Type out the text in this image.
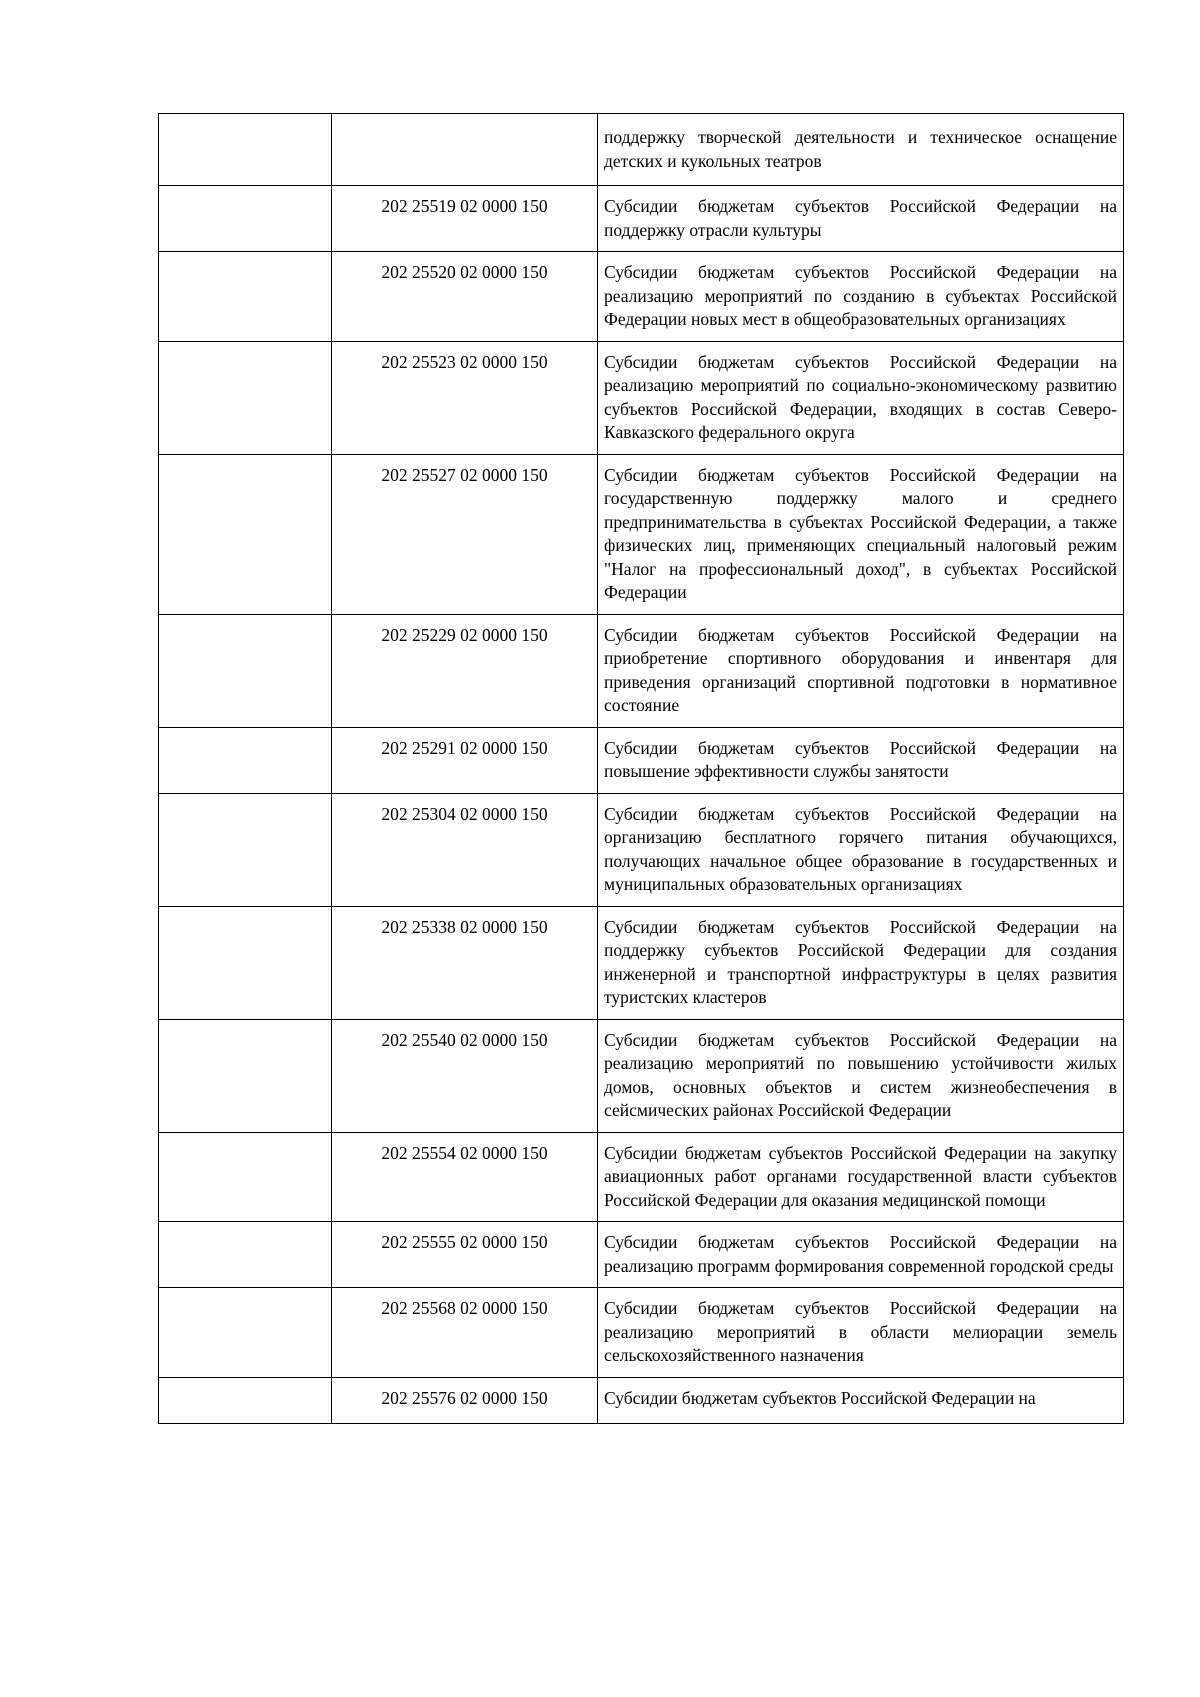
		поддержку творческой деятельности и техническое оснащение детских и кукольных театров
	202 25519 02 0000 150	Субсидии бюджетам субъектов Российской Федерации на поддержку отрасли культуры
	202 25520 02 0000 150	Субсидии бюджетам субъектов Российской Федерации на реализацию мероприятий по созданию в субъектах Российской Федерации новых мест в общеобразовательных организациях
	202 25523 02 0000 150	Субсидии бюджетам субъектов Российской Федерации на реализацию мероприятий по социально-экономическому развитию субъектов Российской Федерации, входящих в состав Северо-Кавказского федерального округа
	202 25527 02 0000 150	Субсидии бюджетам субъектов Российской Федерации на государственную поддержку малого и среднего предпринимательства в субъектах Российской Федерации, а также физических лиц, применяющих специальный налоговый режим "Налог на профессиональный доход", в субъектах Российской Федерации
	202 25229 02 0000 150	Субсидии бюджетам субъектов Российской Федерации на приобретение спортивного оборудования и инвентаря для приведения организаций спортивной подготовки в нормативное состояние
	202 25291 02 0000 150	Субсидии бюджетам субъектов Российской Федерации на повышение эффективности службы занятости
	202 25304 02 0000 150	Субсидии бюджетам субъектов Российской Федерации на организацию бесплатного горячего питания обучающихся, получающих начальное общее образование в государственных и муниципальных образовательных организациях
	202 25338 02 0000 150	Субсидии бюджетам субъектов Российской Федерации на поддержку субъектов Российской Федерации для создания инженерной и транспортной инфраструктуры в целях развития туристских кластеров
	202 25540 02 0000 150	Субсидии бюджетам субъектов Российской Федерации на реализацию мероприятий по повышению устойчивости жилых домов, основных объектов и систем жизнеобеспечения в сейсмических районах Российской Федерации
	202 25554 02 0000 150	Субсидии бюджетам субъектов Российской Федерации на закупку авиационных работ органами государственной власти субъектов Российской Федерации для оказания медицинской помощи
	202 25555 02 0000 150	Субсидии бюджетам субъектов Российской Федерации на реализацию программ формирования современной городской среды
	202 25568 02 0000 150	Субсидии бюджетам субъектов Российской Федерации на реализацию мероприятий в области мелиорации земель сельскохозяйственного назначения
	202 25576 02 0000 150	Субсидии бюджетам субъектов Российской Федерации на
